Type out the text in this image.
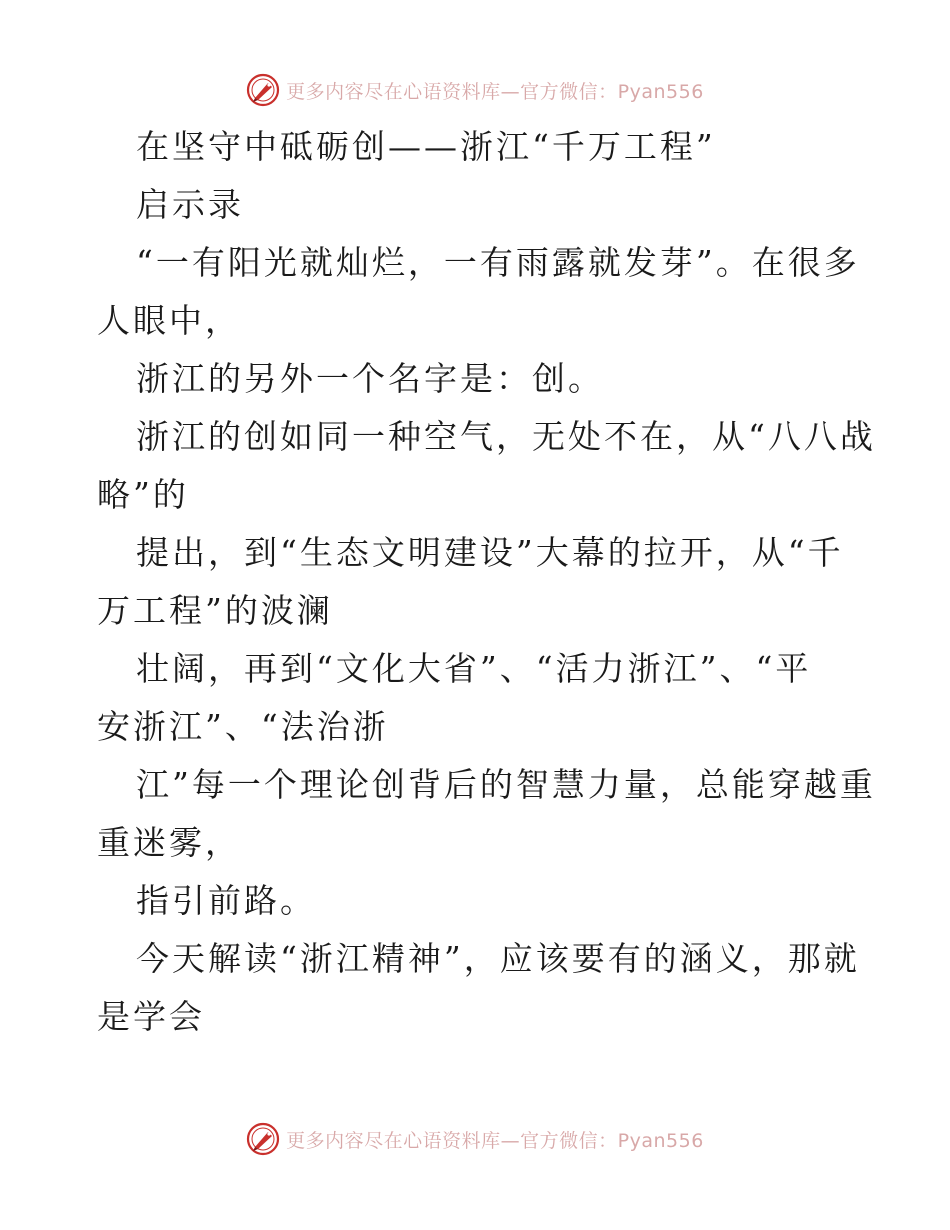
更多内容尽在心语资料库—官方微信：Pyan556
在坚守中砥砺创——浙江“千万工程”
启示录
“一有阳光就灿烂，一有雨露就发芽”。在很多
人眼中，
浙江的另外一个名字是：创。
浙江的创如同一种空气，无处不在，从“八八战
略”的
提出，到“生态文明建设”大幕的拉开，从“千
万工程”的波澜
壮阔，再到“文化大省”、“活力浙江”、“平
安浙江”、“法治浙
江”每一个理论创背后的智慧力量，总能穿越重
重迷雾，
指引前路。
今天解读“浙江精神”，应该要有的涵义，那就
是学会
更多内容尽在心语资料库—官方微信：Pyan556
